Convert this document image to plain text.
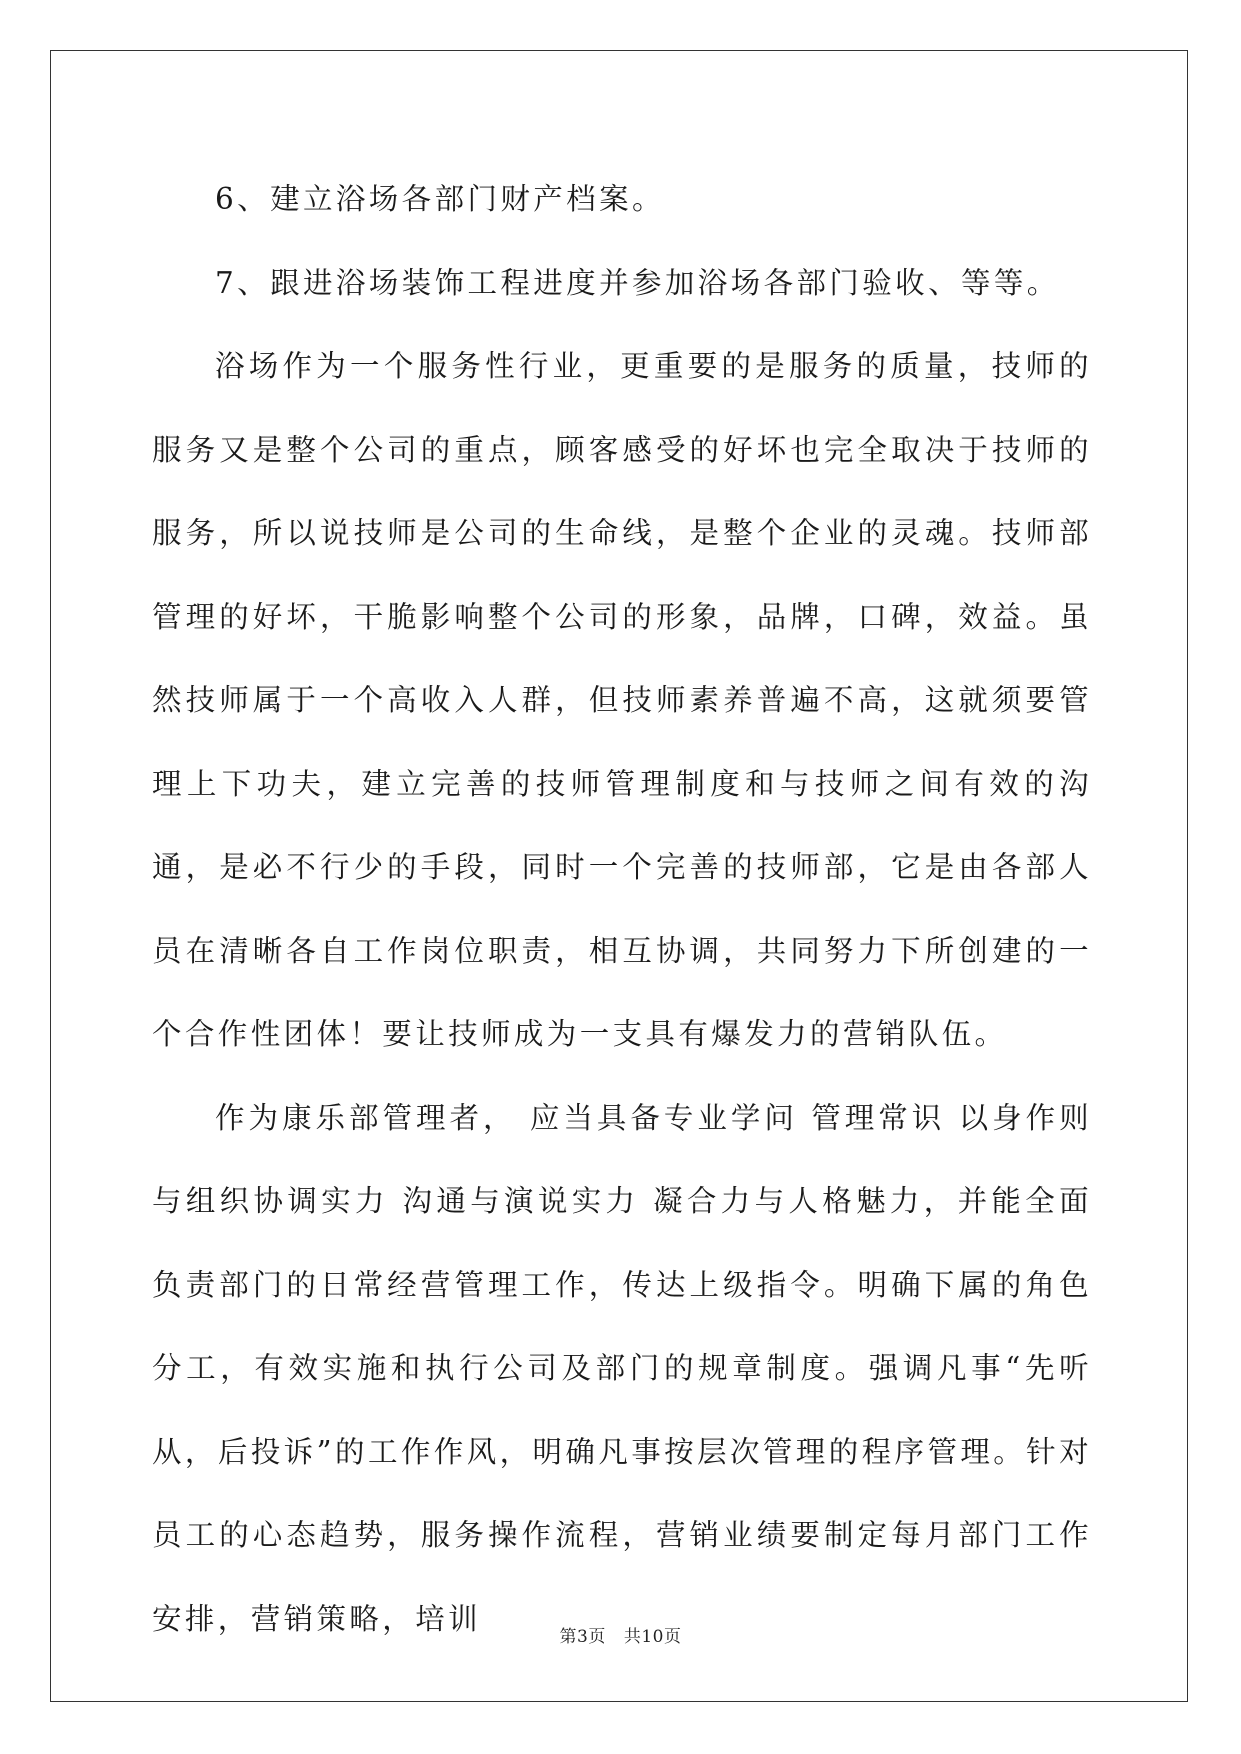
6、建立浴场各部门财产档案。

7、跟进浴场装饰工程进度并参加浴场各部门验收、等等。

浴场作为一个服务性行业，更重要的是服务的质量，技师的服务又是整个公司的重点，顾客感受的好坏也完全取决于技师的服务，所以说技师是公司的生命线，是整个企业的灵魂。技师部管理的好坏，干脆影响整个公司的形象，品牌，口碑，效益。虽然技师属于一个高收入人群，但技师素养普遍不高，这就须要管理上下功夫，建立完善的技师管理制度和与技师之间有效的沟通，是必不行少的手段，同时一个完善的技师部，它是由各部人员在清晰各自工作岗位职责，相互协调，共同努力下所创建的一个合作性团体！要让技师成为一支具有爆发力的营销队伍。

作为康乐部管理者， 应当具备专业学问 管理常识 以身作则与组织协调实力 沟通与演说实力 凝合力与人格魅力，并能全面负责部门的日常经营管理工作，传达上级指令。明确下属的角色分工，有效实施和执行公司及部门的规章制度。强调凡事“先听从，后投诉”的工作作风，明确凡事按层次管理的程序管理。针对员工的心态趋势，服务操作流程，营销业绩要制定每月部门工作安排，营销策略，培训

第3页 共10页
